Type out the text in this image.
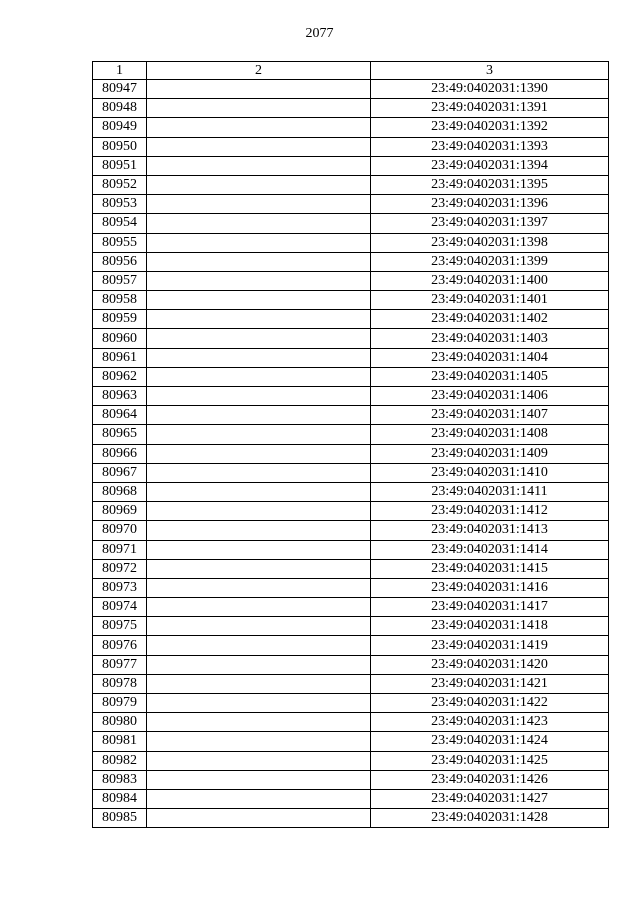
2077
1	2	3
80947		23:49:0402031:1390
80948		23:49:0402031:1391
80949		23:49:0402031:1392
80950		23:49:0402031:1393
80951		23:49:0402031:1394
80952		23:49:0402031:1395
80953		23:49:0402031:1396
80954		23:49:0402031:1397
80955		23:49:0402031:1398
80956		23:49:0402031:1399
80957		23:49:0402031:1400
80958		23:49:0402031:1401
80959		23:49:0402031:1402
80960		23:49:0402031:1403
80961		23:49:0402031:1404
80962		23:49:0402031:1405
80963		23:49:0402031:1406
80964		23:49:0402031:1407
80965		23:49:0402031:1408
80966		23:49:0402031:1409
80967		23:49:0402031:1410
80968		23:49:0402031:1411
80969		23:49:0402031:1412
80970		23:49:0402031:1413
80971		23:49:0402031:1414
80972		23:49:0402031:1415
80973		23:49:0402031:1416
80974		23:49:0402031:1417
80975		23:49:0402031:1418
80976		23:49:0402031:1419
80977		23:49:0402031:1420
80978		23:49:0402031:1421
80979		23:49:0402031:1422
80980		23:49:0402031:1423
80981		23:49:0402031:1424
80982		23:49:0402031:1425
80983		23:49:0402031:1426
80984		23:49:0402031:1427
80985		23:49:0402031:1428
